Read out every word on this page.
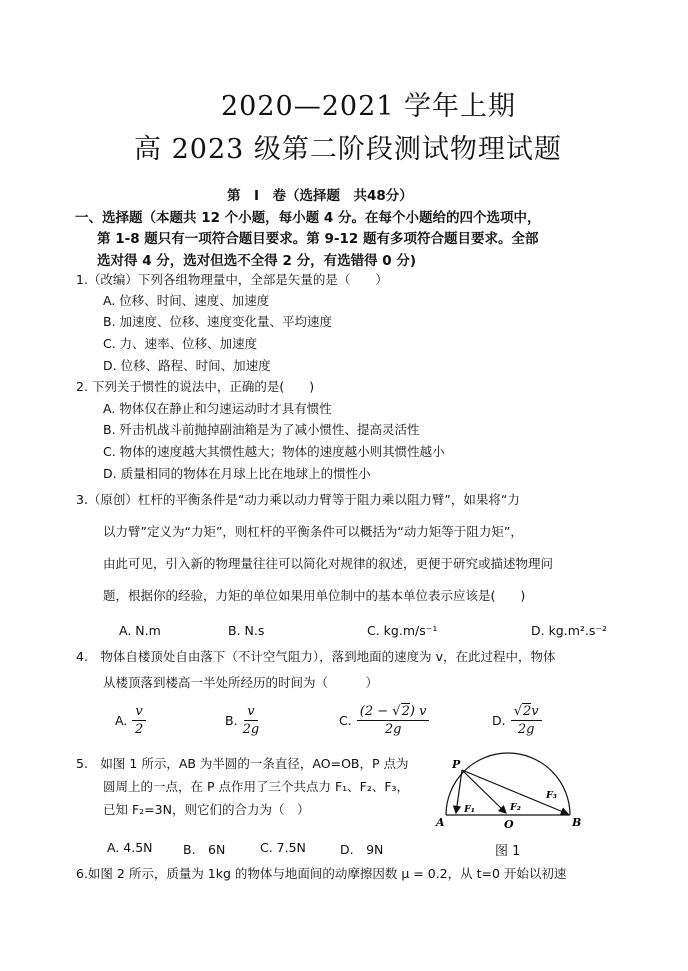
2020—2021 学年上期
高 2023 级第二阶段测试物理试题
第　Ⅰ　卷（选择题　共48分）
一、选择题（本题共 12 个小题，每小题 4 分。在每个小题给的四个选项中，
第 1-8 题只有一项符合题目要求。第 9-12 题有多项符合题目要求。全部
选对得 4 分，选对但选不全得 2 分，有选错得 0 分)
1.（改编）下列各组物理量中，全部是矢量的是（　　）
A. 位移、时间、速度、加速度
B. 加速度、位移、速度变化量、平均速度
C. 力、速率、位移、加速度
D. 位移、路程、时间、加速度
2. 下列关于惯性的说法中，正确的是(　　)
A. 物体仅在静止和匀速运动时才具有惯性
B. 歼击机战斗前抛掉副油箱是为了减小惯性、提高灵活性
C. 物体的速度越大其惯性越大；物体的速度越小则其惯性越小
D. 质量相同的物体在月球上比在地球上的惯性小
3.（原创）杠杆的平衡条件是“动力乘以动力臂等于阻力乘以阻力臂”，如果将“力
以力臂”定义为“力矩”，则杠杆的平衡条件可以概括为“动力矩等于阻力矩”，
由此可见，引入新的物理量往往可以简化对规律的叙述，更便于研究或描述物理问
题，根据你的经验，力矩的单位如果用单位制中的基本单位表示应该是(　　)
A. N.m	B. N.s	C. kg.m/s⁻¹	D. kg.m².s⁻²
4.　物体自楼顶处自由落下（不计空气阻力），落到地面的速度为 v，在此过程中，物体
从楼顶落到楼高一半处所经历的时间为（　　　）
A. $\frac{v}{2}$	B. $\frac{v}{2g}$	C. $\frac{(2 - √2) v}{2g}$	D. $\frac{√2v}{2g}$
5.　如图 1 所示，AB 为半圆的一条直径，AO=OB，P 点为
圆周上的一点，在 P 点作用了三个共点力 F₁、F₂、F₃，
已知 F₂=3N，则它们的合力为（　）
A. 4.5N B.　6N	C. 7.5N	D.　9N
P
A	O	B
F₁	F₂
F₃
图 1
6.如图 2 所示，质量为 1kg 的物体与地面间的动摩擦因数 μ = 0.2，从 t=0 开始以初速
